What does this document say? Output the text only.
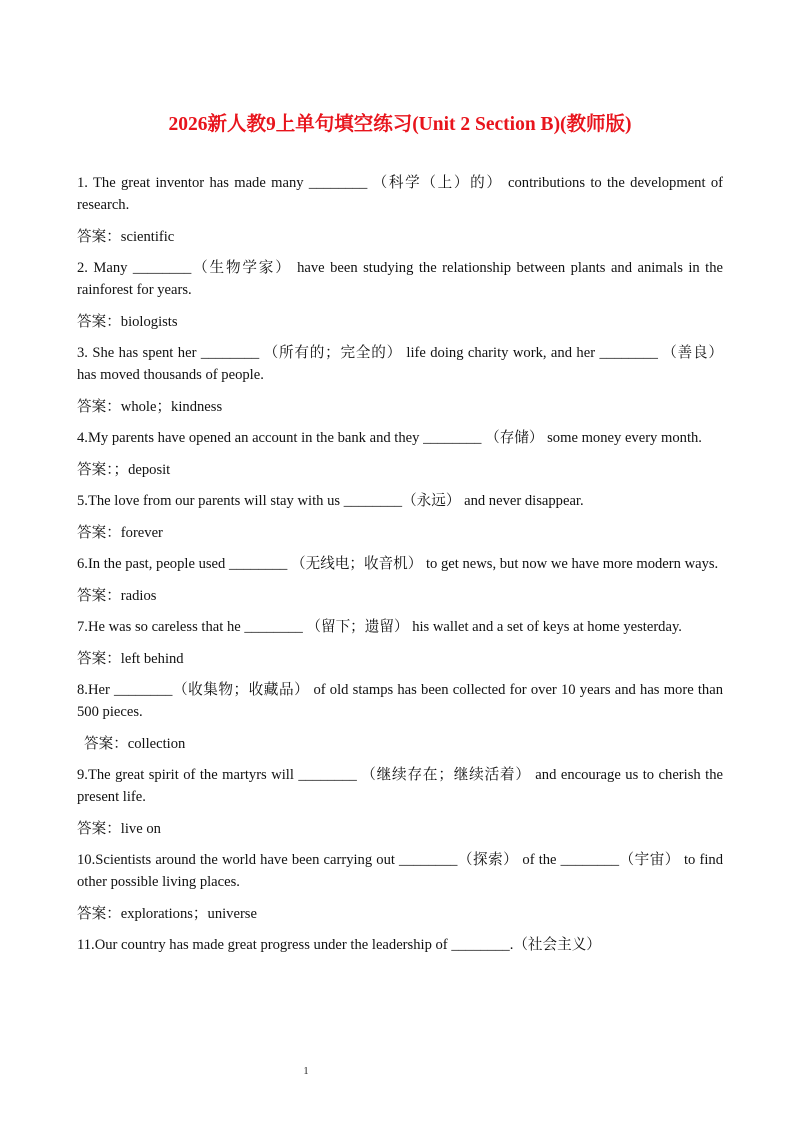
2026新人教9上单句填空练习(Unit 2 Section B)(教师版)

1. The great inventor has made many ________ （科学（上）的） contributions to the development of research.

答案：scientific

2. Many ________（生物学家） have been studying the relationship between plants and animals in the rainforest for years.

答案：biologists

3. She has spent her ________ （所有的；完全的） life doing charity work, and her ________ （善良） has moved thousands of people.

答案：whole；kindness

4.My parents have opened an account in the bank and they ________ （存储） some money every month.

答案：；deposit

5.The love from our parents will stay with us ________（永远） and never disappear.

答案：forever

6.In the past, people used ________ （无线电；收音机） to get news, but now we have more modern ways.

答案：radios

7.He was so careless that he ________ （留下；遗留） his wallet and a set of keys at home yesterday.

答案：left behind

8.Her ________（收集物；收藏品） of old stamps has been collected for over 10 years and has more than 500 pieces.

答案：collection

9.The great spirit of the martyrs will ________ （继续存在；继续活着） and encourage us to cherish the present life.

答案：live on

10.Scientists around the world have been carrying out ________（探索） of the ________（宇宙） to find other possible living places.

答案：explorations；universe

11.Our country has made great progress under the leadership of ________.（社会主义）

1
